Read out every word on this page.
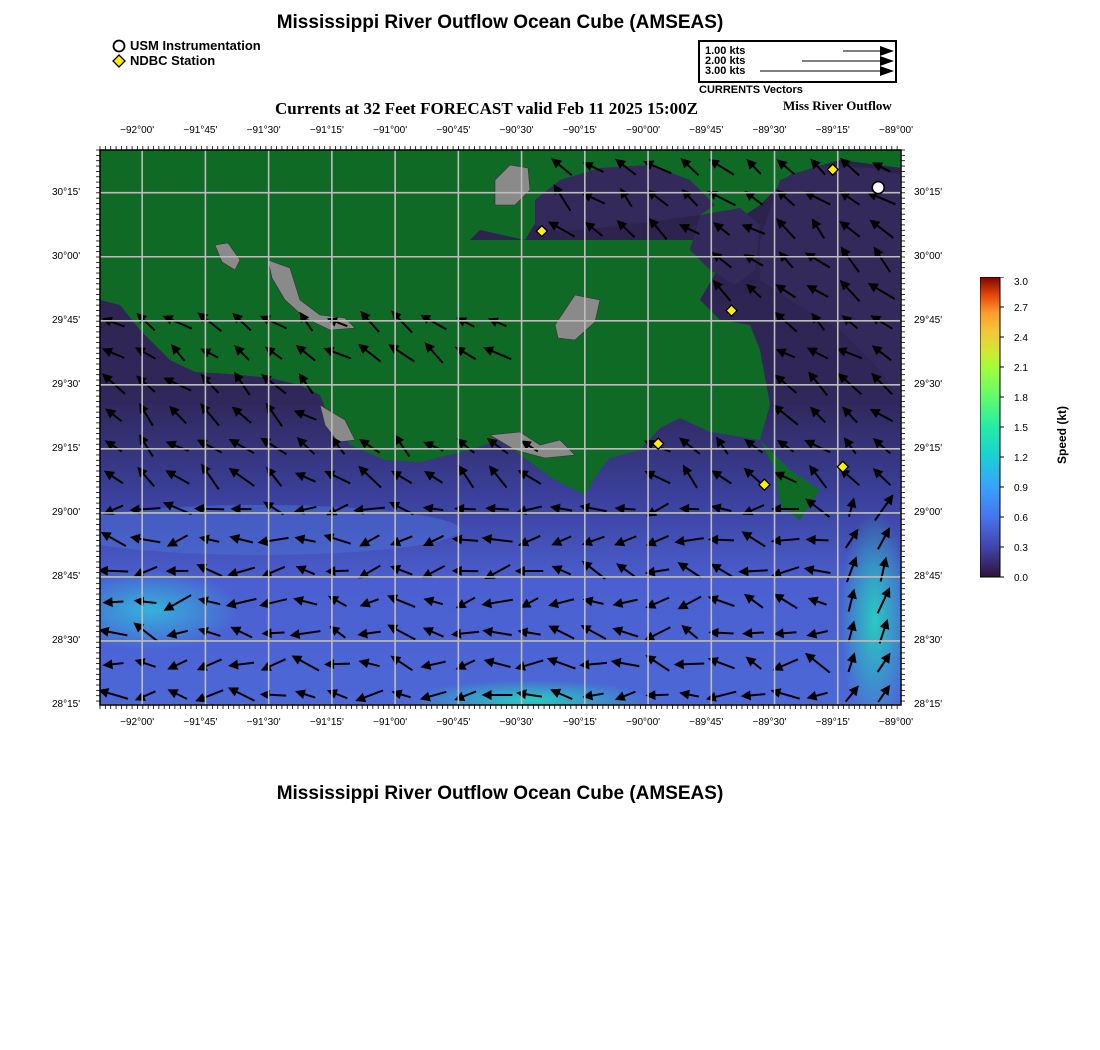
Mississippi River Outflow Ocean Cube (AMSEAS)
USM Instrumentation
NDBC Station
1.00 kts
2.00 kts
3.00 kts
CURRENTS Vectors
Currents at 32 Feet FORECAST valid Feb 11 2025 15:00Z	Miss River Outflow
−92°00'
−92°00'
−91°45'
−91°45'
−91°30'
−91°30'
−91°15'
−91°15'
−91°00'
−91°00'
−90°45'
−90°45'
−90°30'
−90°30'
−90°15'
−90°15'
−90°00'
−90°00'
−89°45'
−89°45'
−89°30'
−89°30'
−89°15'
−89°15'
−89°00'
−89°00'
30°15'	30°15'
30°00'	30°00'
29°45'	29°45'
29°30'	29°30'
29°15'	29°15'
29°00'	29°00'
28°45'	28°45'
28°30'	28°30'
28°15'	28°15'
3.0
2.7
2.4
2.1
1.8
1.5
1.2
0.9
0.6
0.3
0.0
Speed (kt)
Mississippi River Outflow Ocean Cube (AMSEAS)
